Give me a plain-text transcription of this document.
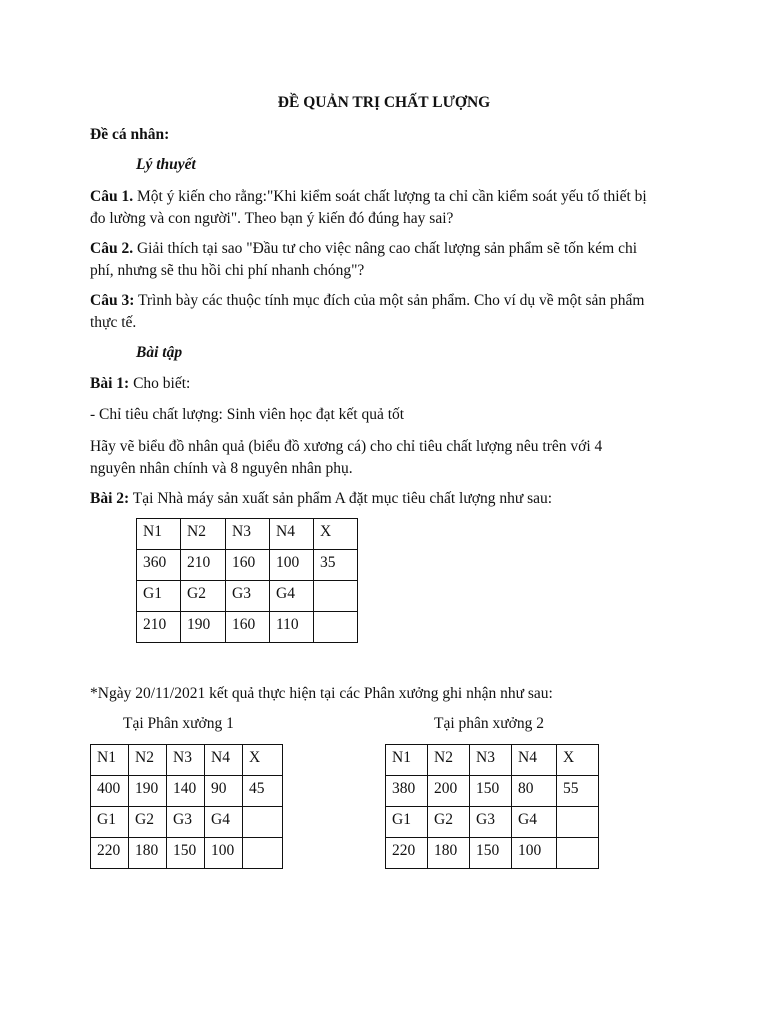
ĐỀ QUẢN TRỊ CHẤT LƯỢNG
Đề cá nhân:
Lý thuyết
Câu 1. Một ý kiến cho rằng:"Khi kiểm soát chất lượng ta chỉ cần kiểm soát yếu tố thiết bị
đo lường và con người". Theo bạn ý kiến đó đúng hay sai?
Câu 2. Giải thích tại sao "Đầu tư cho việc nâng cao chất lượng sản phẩm sẽ tốn kém chi
phí, nhưng sẽ thu hồi chi phí nhanh chóng"?
Câu 3: Trình bày các thuộc tính mục đích của một sản phẩm. Cho ví dụ về một sản phẩm
thực tế.
Bài tập
Bài 1: Cho biết:
- Chỉ tiêu chất lượng: Sinh viên học đạt kết quả tốt
Hãy vẽ biểu đồ nhân quả (biểu đồ xương cá) cho chỉ tiêu chất lượng nêu trên với 4
nguyên nhân chính và 8 nguyên nhân phụ.
Bài 2: Tại Nhà máy sản xuất sản phẩm A đặt mục tiêu chất lượng như sau:
N1	N2	N3	N4	X
360	210	160	100	35
G1	G2	G3	G4	
210	190	160	110	
*Ngày 20/11/2021 kết quả thực hiện tại các Phân xưởng ghi nhận như sau:
Tại Phân xưởng 1	Tại phân xưởng 2
N1	N2	N3	N4	X
400	190	140	90	45
G1	G2	G3	G4	
220	180	150	100	
N1	N2	N3	N4	X
380	200	150	80	55
G1	G2	G3	G4	
220	180	150	100	
